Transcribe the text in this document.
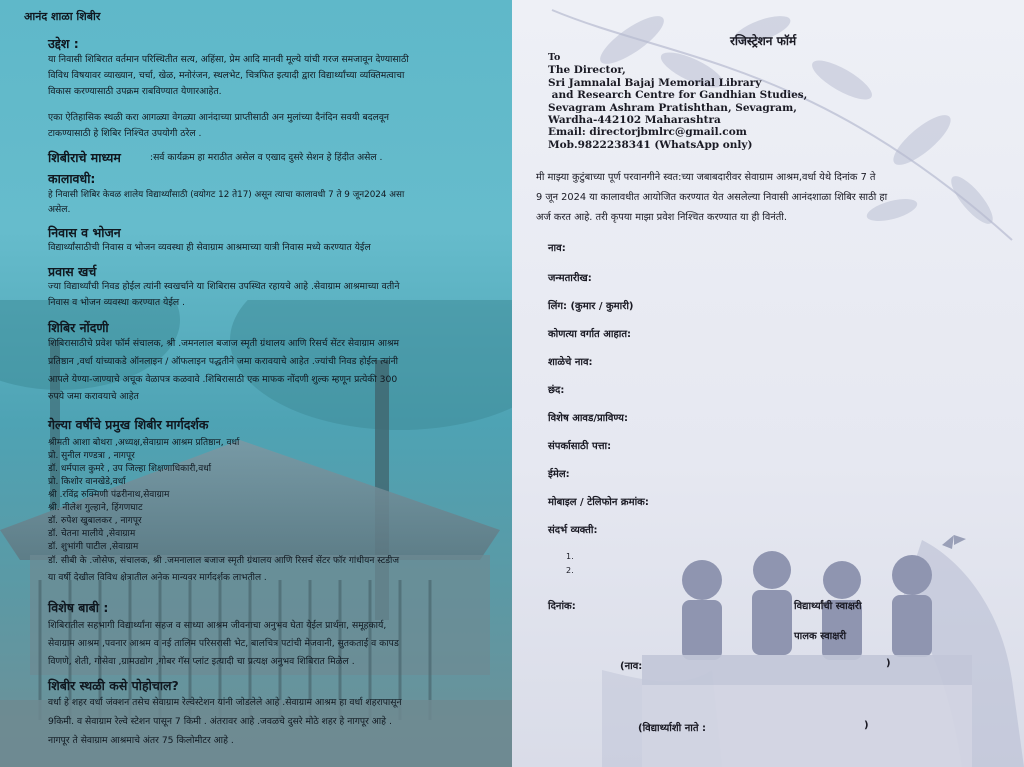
आनंद शाळा शिबीर

उद्देश :

या निवासी शिबिरात वर्तमान परिस्थितीत सत्य, अहिंसा, प्रेम आदि मानवी मूल्ये यांची गरज समजावून देण्यासाठी

विविध विषयावर व्याख्यान, चर्चा, खेळ, मनोरंजन, स्थलभेट, चित्रफित इत्यादी द्वारा विद्यार्थ्यांच्या व्यक्तिमत्वाचा

विकास करण्यासाठी उपक्रम राबविण्यात येणारआहेत.

एका ऐतिहासिक स्थळी करा आगळ्या वेगळ्या आनंदाच्या प्राप्तीसाठी अन मुलांच्या दैनंदिन सवयी बदलवून

टाकण्यासाठी हे शिबिर निश्चित उपयोगी ठरेल .

शिबीराचे माध्यम	:सर्व कार्यक्रम हा मराठीत असेल व एखाद दुसरे सेशन हे हिंदीत असेल .

कालावधी:

हे निवासी शिबिर केवळ शालेय विद्यार्थ्यांसाठी (वयोगट 12 ते17) असून त्याचा कालावधी 7 ते 9 जून2024 असा

असेल.

निवास व भोजन

विद्यार्थ्यांसाठीची निवास व भोजन व्यवस्था ही सेवाग्राम आश्रमाच्या यात्री निवास मध्ये करण्यात येईल

प्रवास खर्च

ज्या विद्यार्थ्यांची निवड होईल त्यांनी स्वखर्चाने या शिबिरास उपस्थित रहायचे आहे .सेवाग्राम आश्रमाच्या वतीने

निवास व भोजन व्यवस्था करण्यात येईल .

शिबिर नोंदणी

शिबिरासाठीचे प्रवेश फॉर्म संचालक, श्री .जमनलाल बजाज स्मृती ग्रंथालय आणि रिसर्च सेंटर सेवाग्राम आश्रम

प्रतिष्ठान ,वर्धा यांच्याकडे ऑनलाइन / ऑफलाइन पद्धतीने जमा करावयाचे आहेत .ज्यांची निवड होईल त्यांनी

आपले येण्या-जाण्याचे अचूक वेळापत्र कळवावे .शिबिरासाठी एक माफक नोंदणी शुल्क म्हणून प्रत्येकी 300

रुपये जमा करावयाचे आहेत

गेल्या वर्षीचे प्रमुख शिबीर मार्गदर्शक

श्रीमती आशा बोथरा ,अध्यक्ष,सेवाग्राम आश्रम प्रतिष्ठान, वर्धा

प्रो. सुनील गण्डत्रा , नागपूर

डॉ. धर्मपाल कुमरे , उप जिल्हा शिक्षणाधिकारी,वर्धा

प्रो. किशोर वानखेडे,वर्धा

श्री .रविंद्र रुक्मिणी पंढरीनाथ,सेवाग्राम

श्री. नीलेश गुल्हाने, हिंगणघाट

डॉ. रुपेश खुबालकर , नागपूर

डॉ. चेतना मालीये ,सेवाग्राम

डॉ. शुभांगी पाटील ,सेवाग्राम

डॉ. सीबी के .जोसेफ, संचालक, श्री .जमनालाल बजाज स्मृती ग्रंथालय आणि रिसर्च सेंटर फॉर गांधीयन स्टडीज

या वर्षी देखील विविध क्षेत्रातील अनेक मान्यवर मार्गदर्शक लाभतील .

विशेष बाबी :

शिबिरातील सहभागी विद्यार्थ्यांना सहज व साध्या आश्रम जीवनाचा अनुभव घेता येईल प्रार्थना, समूहकार्य,

सेवाग्राम आश्रम ,पवनार आश्रम व नई तालिम परिसरासी भेट, बालचित्र पटांची मेजवानी, सुतकताई व कापड

विणणे, शेती, गोसेवा ,ग्रामउद्योग ,गोबर गॅस प्लांट इत्यादी चा प्रत्यक्ष अनुभव शिबिरात मिळेल .

शिबीर स्थळी कसे पोहोचाल?

वर्धा हे शहर वर्धा जंक्शन तसेच सेवाग्राम रेल्वेस्टेशन यांनी जोडलेले आहे .सेवाग्राम आश्रम हा वर्धा शहरापासून

9किमी. व सेवाग्राम रेल्वे स्टेशन पासून 7 किमी . अंतरावर आहे .जवळचे दुसरे मोठे शहर हे नागपूर आहे .

नागपूर ते सेवाग्राम आश्रमाचे अंतर 75 किलोमीटर आहे .

रजिस्ट्रेशन फॉर्म

To

The Director,

Sri Jamnalal Bajaj Memorial Library

and Research Centre for Gandhian Studies,

Sevagram Ashram Pratishthan, Sevagram,

Wardha-442102 Maharashtra

Email: directorjbmlrc@gmail.com

Mob.9822238341 (WhatsApp only)

मी माझ्या कुटुंबाच्या पूर्ण परवानगीने स्वत:च्या जबाबदारीवर सेवाग्राम आश्रम,वर्धा येथे दिनांक 7 ते

9 जून 2024 या कालावधीत आयोजित करण्यात येत असलेल्या निवासी आनंदशाळा शिबिर साठी हा

अर्ज करत आहे. तरी कृपया माझा प्रवेश निश्चित करण्यात या ही विनंती.

नाव:

जन्मतारीख:

लिंग: (कुमार / कुमारी)

कोणत्या वर्गात आहात:

शाळेचे नाव:

छंद:

विशेष आवड/प्राविण्य:

संपर्कासाठी पत्ता:

ईमेल:

मोबाइल / टेलिफोन क्रमांक:

संदर्भ व्यक्ती:

1.

2.

दिनांक:	विद्यार्थ्यांची स्वाक्षरी

पालक स्वाक्षरी

(नाव:	)

(विद्यार्थ्याशी नाते :	)
